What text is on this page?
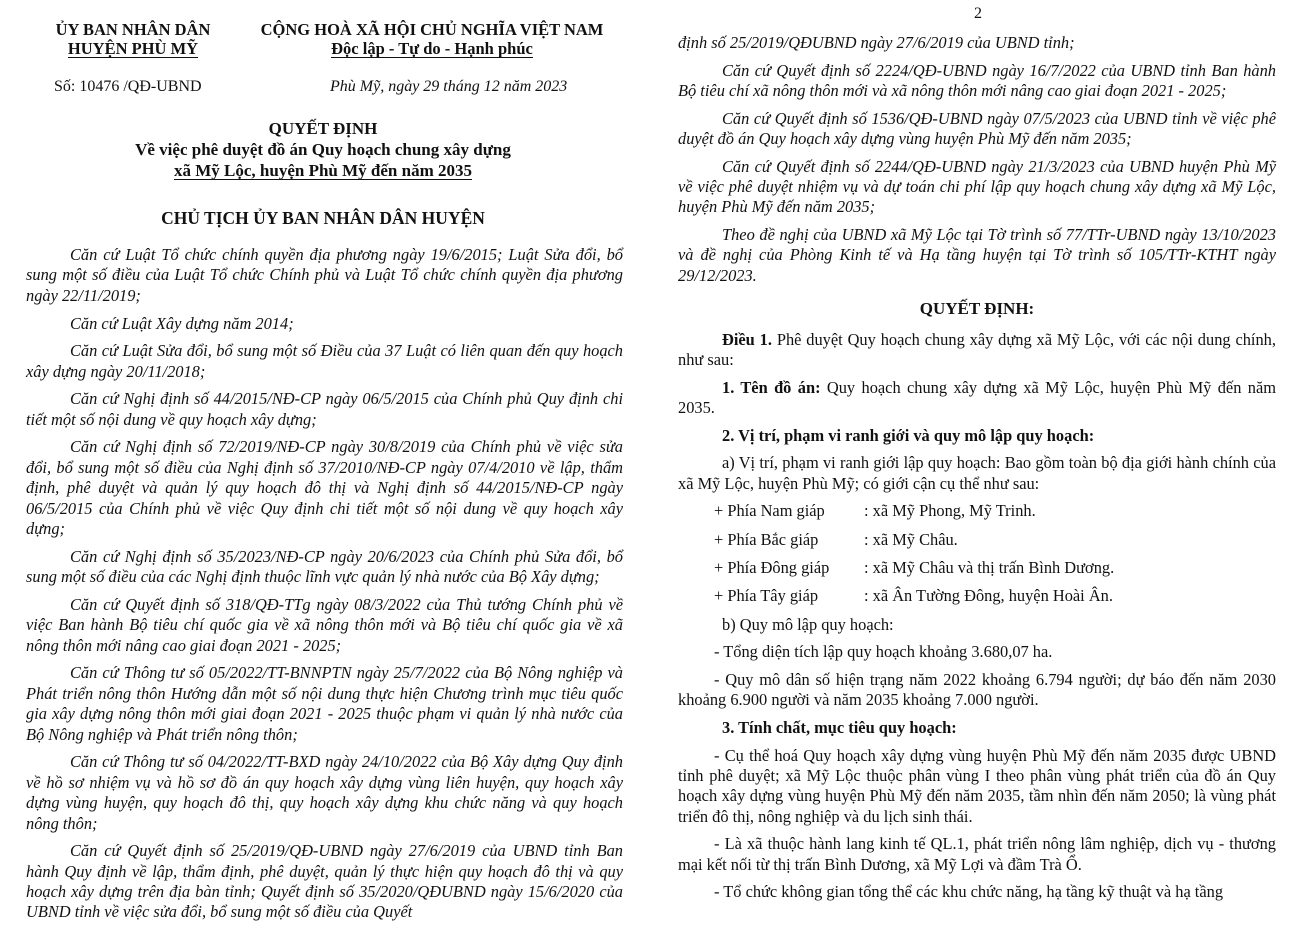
ỦY BAN NHÂN DÂN
HUYỆN PHÙ MỸ
CỘNG HOÀ XÃ HỘI CHỦ NGHĨA VIỆT NAM
Độc lập - Tự do - Hạnh phúc
Số: 10476 /QĐ-UBND	Phù Mỹ, ngày 29 tháng 12 năm 2023
QUYẾT ĐỊNH
Về việc phê duyệt đồ án Quy hoạch chung xây dựng
xã Mỹ Lộc, huyện Phù Mỹ đến năm 2035
CHỦ TỊCH ỦY BAN NHÂN DÂN HUYỆN

Căn cứ Luật Tổ chức chính quyền địa phương ngày 19/6/2015; Luật Sửa đổi, bổ sung một số điều của Luật Tổ chức Chính phủ và Luật Tổ chức chính quyền địa phương ngày 22/11/2019;

Căn cứ Luật Xây dựng năm 2014;

Căn cứ Luật Sửa đổi, bổ sung một số Điều của 37 Luật có liên quan đến quy hoạch xây dựng ngày 20/11/2018;

Căn cứ Nghị định số 44/2015/NĐ-CP ngày 06/5/2015 của Chính phủ Quy định chi tiết một số nội dung về quy hoạch xây dựng;

Căn cứ Nghị định số 72/2019/NĐ-CP ngày 30/8/2019 của Chính phủ về việc sửa đổi, bổ sung một số điều của Nghị định số 37/2010/NĐ-CP ngày 07/4/2010 về lập, thẩm định, phê duyệt và quản lý quy hoạch đô thị và Nghị định số 44/2015/NĐ-CP ngày 06/5/2015 của Chính phủ về việc Quy định chi tiết một số nội dung về quy hoạch xây dựng;

Căn cứ Nghị định số 35/2023/NĐ-CP ngày 20/6/2023 của Chính phủ Sửa đổi, bổ sung một số điều của các Nghị định thuộc lĩnh vực quản lý nhà nước của Bộ Xây dựng;

Căn cứ Quyết định số 318/QĐ-TTg ngày 08/3/2022 của Thủ tướng Chính phủ về việc Ban hành Bộ tiêu chí quốc gia về xã nông thôn mới và Bộ tiêu chí quốc gia về xã nông thôn mới nâng cao giai đoạn 2021 - 2025;

Căn cứ Thông tư số 05/2022/TT-BNNPTN ngày 25/7/2022 của Bộ Nông nghiệp và Phát triển nông thôn Hướng dẫn một số nội dung thực hiện Chương trình mục tiêu quốc gia xây dựng nông thôn mới giai đoạn 2021 - 2025 thuộc phạm vi quản lý nhà nước của Bộ Nông nghiệp và Phát triển nông thôn;

Căn cứ Thông tư số 04/2022/TT-BXD ngày 24/10/2022 của Bộ Xây dựng Quy định về hồ sơ nhiệm vụ và hồ sơ đồ án quy hoạch xây dựng vùng liên huyện, quy hoạch xây dựng vùng huyện, quy hoạch đô thị, quy hoạch xây dựng khu chức năng và quy hoạch nông thôn;

Căn cứ Quyết định số 25/2019/QĐ-UBND ngày 27/6/2019 của UBND tỉnh Ban hành Quy định về lập, thẩm định, phê duyệt, quản lý thực hiện quy hoạch đô thị và quy hoạch xây dựng trên địa bàn tỉnh; Quyết định số 35/2020/QĐUBND ngày 15/6/2020 của UBND tỉnh về việc sửa đổi, bổ sung một số điều của Quyết

2

định số 25/2019/QĐUBND ngày 27/6/2019 của UBND tỉnh;

Căn cứ Quyết định số 2224/QĐ-UBND ngày 16/7/2022 của UBND tỉnh Ban hành Bộ tiêu chí xã nông thôn mới và xã nông thôn mới nâng cao giai đoạn 2021 - 2025;

Căn cứ Quyết định số 1536/QĐ-UBND ngày 07/5/2023 của UBND tỉnh về việc phê duyệt đồ án Quy hoạch xây dựng vùng huyện Phù Mỹ đến năm 2035;

Căn cứ Quyết định số 2244/QĐ-UBND ngày 21/3/2023 của UBND huyện Phù Mỹ về việc phê duyệt nhiệm vụ và dự toán chi phí lập quy hoạch chung xây dựng xã Mỹ Lộc, huyện Phù Mỹ đến năm 2035;

Theo đề nghị của UBND xã Mỹ Lộc tại Tờ trình số 77/TTr-UBND ngày 13/10/2023 và đề nghị của Phòng Kinh tế và Hạ tầng huyện tại Tờ trình số 105/TTr-KTHT ngày 29/12/2023.

QUYẾT ĐỊNH:

Điều 1. Phê duyệt Quy hoạch chung xây dựng xã Mỹ Lộc, với các nội dung chính, như sau:

1. Tên đồ án: Quy hoạch chung xây dựng xã Mỹ Lộc, huyện Phù Mỹ đến năm 2035.

2. Vị trí, phạm vi ranh giới và quy mô lập quy hoạch:

a) Vị trí, phạm vi ranh giới lập quy hoạch: Bao gồm toàn bộ địa giới hành chính của xã Mỹ Lộc, huyện Phù Mỹ; có giới cận cụ thể như sau:

+ Phía Nam giáp	: xã Mỹ Phong, Mỹ Trinh.
+ Phía Bắc giáp	: xã Mỹ Châu.
+ Phía Đông giáp	: xã Mỹ Châu và thị trấn Bình Dương.
+ Phía Tây giáp	: xã Ân Tường Đông, huyện Hoài Ân.

b) Quy mô lập quy hoạch:

- Tổng diện tích lập quy hoạch khoảng 3.680,07 ha.

- Quy mô dân số hiện trạng năm 2022 khoảng 6.794 người; dự báo đến năm 2030 khoảng 6.900 người và năm 2035 khoảng 7.000 người.

3. Tính chất, mục tiêu quy hoạch:

- Cụ thể hoá Quy hoạch xây dựng vùng huyện Phù Mỹ đến năm 2035 được UBND tỉnh phê duyệt; xã Mỹ Lộc thuộc phân vùng I theo phân vùng phát triển của đồ án Quy hoạch xây dựng vùng huyện Phù Mỹ đến năm 2035, tầm nhìn đến năm 2050; là vùng phát triển đô thị, nông nghiệp và du lịch sinh thái.

- Là xã thuộc hành lang kinh tế QL.1, phát triển nông lâm nghiệp, dịch vụ - thương mại kết nối từ thị trấn Bình Dương, xã Mỹ Lợi và đầm Trà Ổ.

- Tổ chức không gian tổng thể các khu chức năng, hạ tầng kỹ thuật và hạ tầng
